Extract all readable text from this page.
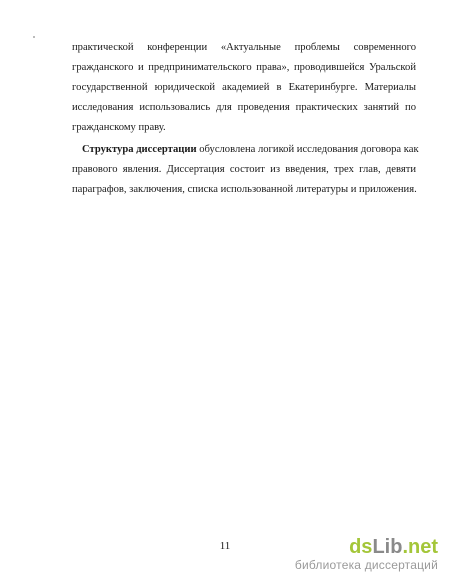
практической конференции «Актуальные проблемы современного
гражданского и предпринимательского права», проводившейся Уральской
государственной юридической академией в Екатеринбурге. Материалы
исследования использовались для проведения практических занятий по
гражданскому праву.
Структура диссертации обусловлена логикой исследования договора как
правового явления. Диссертация состоит из введения, трех глав, девяти
параграфов, заключения, списка использованной литературы и приложения.
11	dsLib.net
библиотека диссертаций
